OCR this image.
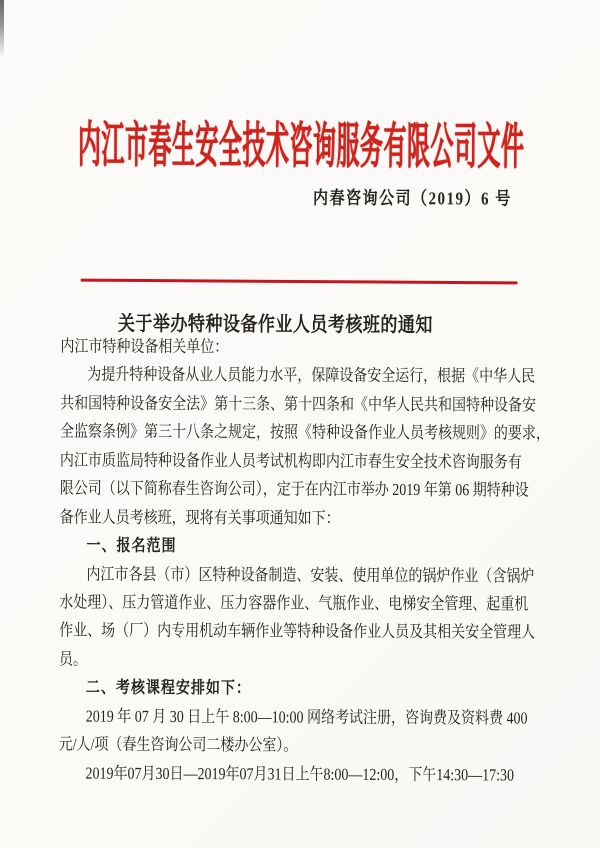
内江市春生安全技术咨询服务有限公司文件
内春咨询公司（2019）6 号
关于举办特种设备作业人员考核班的通知
内江市特种设备相关单位：
为提升特种设备从业人员能力水平，保障设备安全运行，根据《中华人民
共和国特种设备安全法》第十三条、第十四条和《中华人民共和国特种设备安
全监察条例》第三十八条之规定，按照《特种设备作业人员考核规则》的要求，
内江市质监局特种设备作业人员考试机构即内江市春生安全技术咨询服务有
限公司（以下简称春生咨询公司），定于在内江市举办 2019 年第 06 期特种设
备作业人员考核班，现将有关事项通知如下：
一、报名范围
内江市各县（市）区特种设备制造、安装、使用单位的锅炉作业（含锅炉
水处理）、压力管道作业、压力容器作业、气瓶作业、电梯安全管理、起重机
作业、场（厂）内专用机动车辆作业等特种设备作业人员及其相关安全管理人
员。
二、考核课程安排如下：
2019 年 07 月 30 日上午 8:00—10:00 网络考试注册，咨询费及资料费 400
元/人/项（春生咨询公司二楼办公室）。
2019年07月30日—2019年07月31日上午8:00—12:00，下午14:30—17:30
